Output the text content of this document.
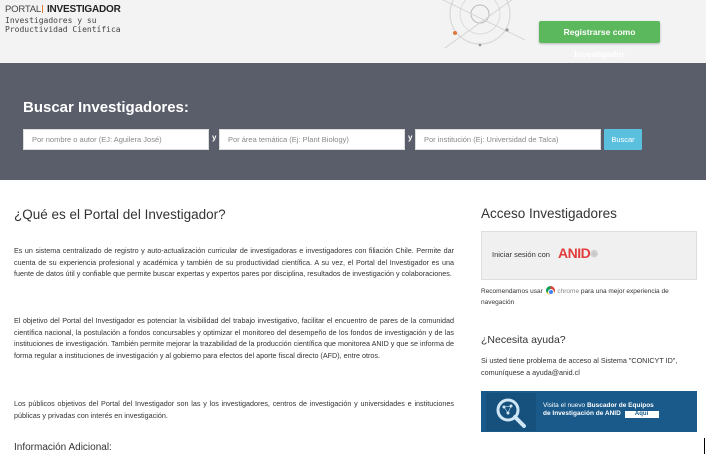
PORTAL INVESTIGADOR
Investigadores y su
Productividad Científica	Registrarse como Investigador
Buscar Investigadores:
Por nombre o autor (EJ: Aguilera José)	y	Por área temática (Ej: Plant Biology)	y	Por institución (Ej: Universidad de Talca)	Buscar
¿Qué es el Portal del Investigador?
Es un sistema centralizado de registro y auto-actualización curricular de investigadoras e investigadores con filiación Chile. Permite dar cuenta de su experiencia profesional y académica y también de su productividad científica. A su vez, el Portal del Investigador es una fuente de datos útil y confiable que permite buscar expertas y expertos pares por disciplina, resultados de investigación y colaboraciones.
El objetivo del Portal del Investigador es potenciar la visibilidad del trabajo investigativo, facilitar el encuentro de pares de la comunidad científica nacional, la postulación a fondos concursables y optimizar el monitoreo del desempeño de los fondos de investigación y de las instituciones de investigación. También permite mejorar la trazabilidad de la producción científica que monitorea ANID y que se informa de forma regular a instituciones de investigación y al gobierno para efectos del aporte fiscal directo (AFD), entre otros.
Los públicos objetivos del Portal del Investigador son las y los investigadores, centros de investigación y universidades e instituciones públicas y privadas con interés en investigación.
Información Adicional:
Acceso Investigadores
Iniciar sesión con ANID◉
Recomendamos usar chrome para una mejor experiencia de navegación
¿Necesita ayuda?
Si usted tiene problema de acceso al Sistema "CONICYT ID", comuníquese a ayuda@anid.cl
Visita el nuevo Buscador de Equipos
de Investigación de ANID Aquí
